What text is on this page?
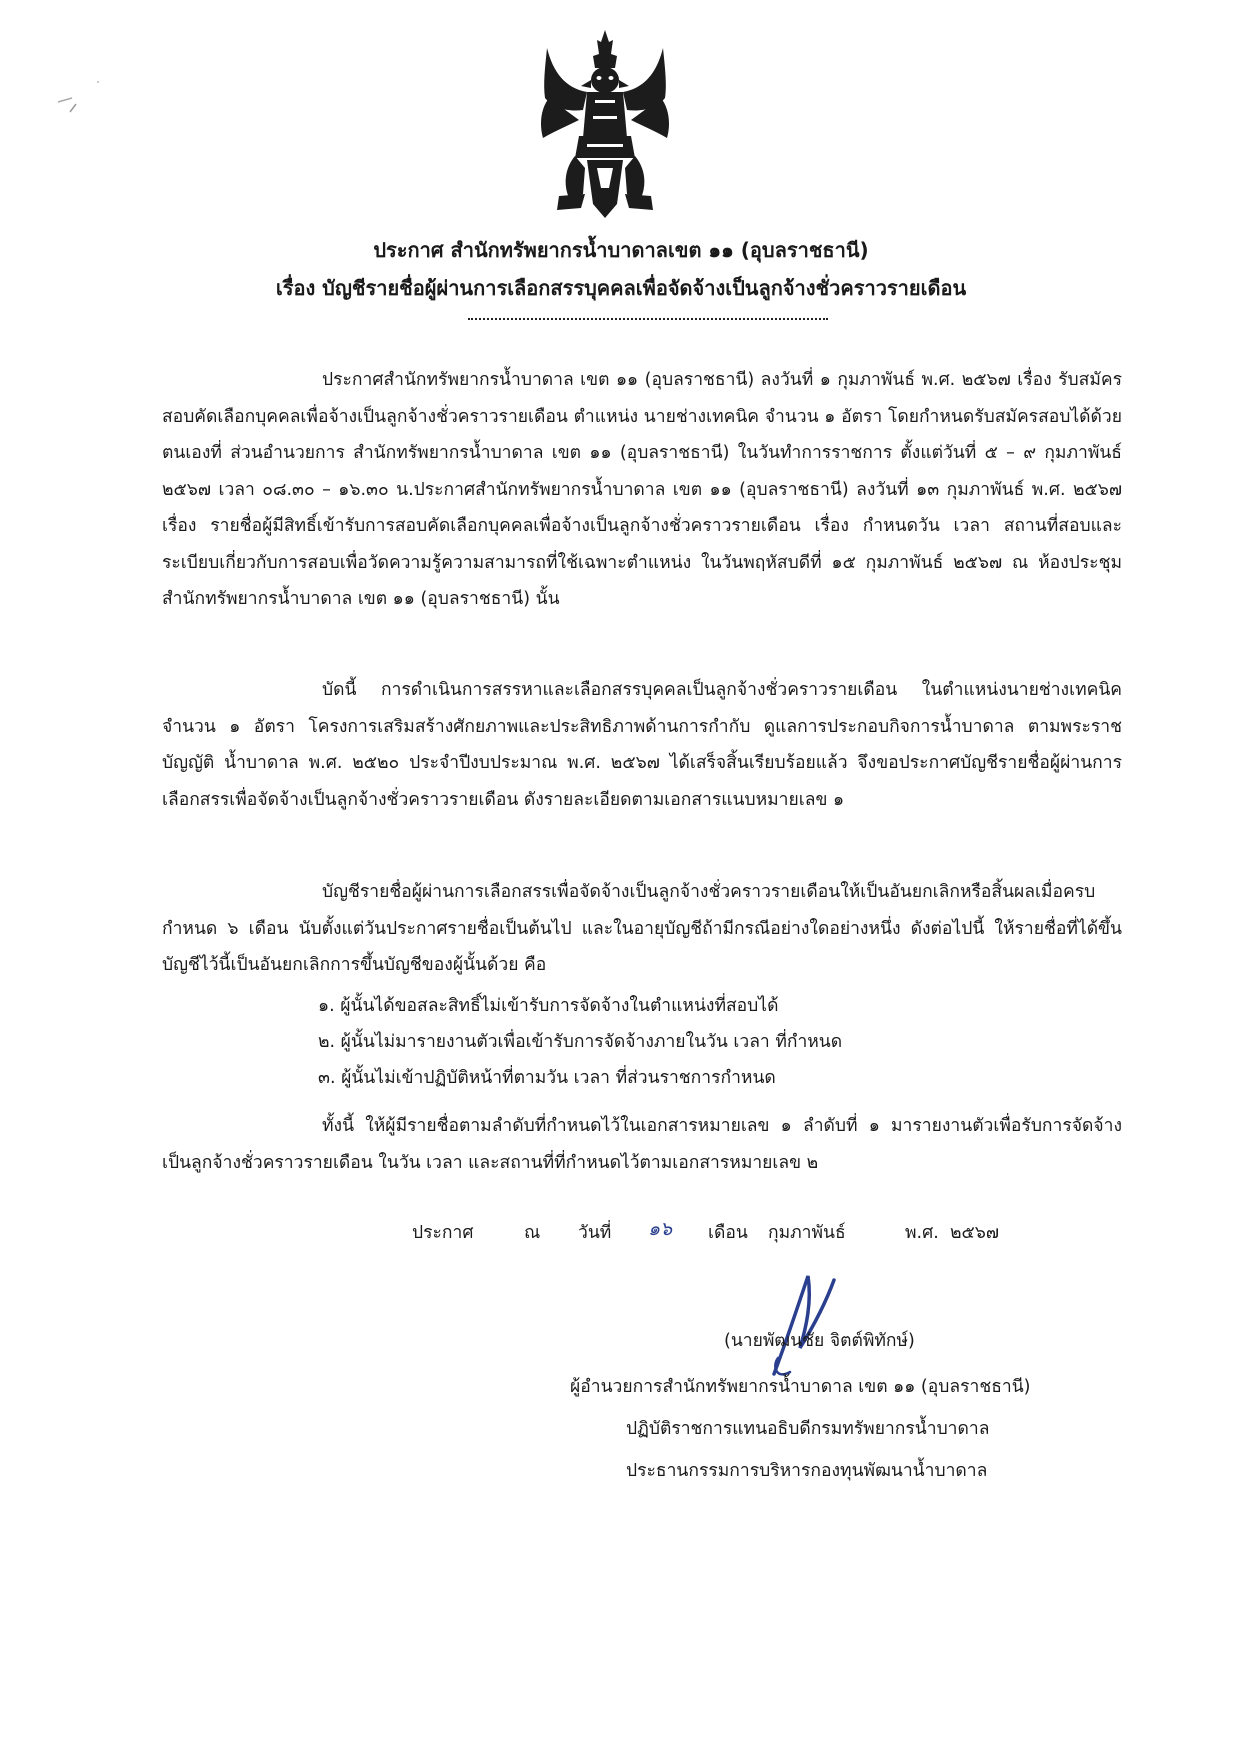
ประกาศ สำนักทรัพยากรน้ำบาดาลเขต ๑๑ (อุบลราชธานี)
เรื่อง บัญชีรายชื่อผู้ผ่านการเลือกสรรบุคคลเพื่อจัดจ้างเป็นลูกจ้างชั่วคราวรายเดือน
ประกาศสำนักทรัพยากรน้ำบาดาล เขต ๑๑ (อุบลราชธานี) ลงวันที่ ๑ กุมภาพันธ์ พ.ศ. ๒๕๖๗ เรื่อง รับสมัครสอบคัดเลือกบุคคลเพื่อจ้างเป็นลูกจ้างชั่วคราวรายเดือน ตำแหน่ง นายช่างเทคนิค จำนวน ๑ อัตรา โดยกำหนดรับสมัครสอบได้ด้วยตนเองที่ ส่วนอำนวยการ สำนักทรัพยากรน้ำบาดาล เขต ๑๑ (อุบลราชธานี) ในวันทำการราชการ ตั้งแต่วันที่ ๕ – ๙ กุมภาพันธ์ ๒๕๖๗ เวลา ๐๘.๓๐ – ๑๖.๓๐ น.ประกาศสำนักทรัพยากรน้ำบาดาล เขต ๑๑ (อุบลราชธานี) ลงวันที่ ๑๓ กุมภาพันธ์ พ.ศ. ๒๕๖๗ เรื่อง รายชื่อผู้มีสิทธิ์เข้ารับการสอบคัดเลือกบุคคลเพื่อจ้างเป็นลูกจ้างชั่วคราวรายเดือน เรื่อง กำหนดวัน เวลา สถานที่สอบและระเบียบเกี่ยวกับการสอบเพื่อวัดความรู้ความสามารถที่ใช้เฉพาะตำแหน่ง ในวันพฤหัสบดีที่ ๑๕ กุมภาพันธ์ ๒๕๖๗ ณ ห้องประชุมสำนักทรัพยากรน้ำบาดาล เขต ๑๑ (อุบลราชธานี) นั้น
บัดนี้ การดำเนินการสรรหาและเลือกสรรบุคคลเป็นลูกจ้างชั่วคราวรายเดือน ในตำแหน่งนายช่างเทคนิค จำนวน ๑ อัตรา โครงการเสริมสร้างศักยภาพและประสิทธิภาพด้านการกำกับ ดูแลการประกอบกิจการน้ำบาดาล ตามพระราชบัญญัติ น้ำบาดาล พ.ศ. ๒๕๒๐ ประจำปีงบประมาณ พ.ศ. ๒๕๖๗ ได้เสร็จสิ้นเรียบร้อยแล้ว จึงขอประกาศบัญชีรายชื่อผู้ผ่านการเลือกสรรเพื่อจัดจ้างเป็นลูกจ้างชั่วคราวรายเดือน ดังรายละเอียดตามเอกสารแนบหมายเลข ๑
บัญชีรายชื่อผู้ผ่านการเลือกสรรเพื่อจัดจ้างเป็นลูกจ้างชั่วคราวรายเดือนให้เป็นอันยกเลิกหรือสิ้นผลเมื่อครบกำหนด ๖ เดือน นับตั้งแต่วันประกาศรายชื่อเป็นต้นไป และในอายุบัญชีถ้ามีกรณีอย่างใดอย่างหนึ่ง ดังต่อไปนี้ ให้รายชื่อที่ได้ขึ้นบัญชีไว้นี้เป็นอันยกเลิกการขึ้นบัญชีของผู้นั้นด้วย คือ
๑. ผู้นั้นได้ขอสละสิทธิ์ไม่เข้ารับการจัดจ้างในตำแหน่งที่สอบได้
๒. ผู้นั้นไม่มารายงานตัวเพื่อเข้ารับการจัดจ้างภายในวัน เวลา ที่กำหนด
๓. ผู้นั้นไม่เข้าปฏิบัติหน้าที่ตามวัน เวลา ที่ส่วนราชการกำหนด
ทั้งนี้ ให้ผู้มีรายชื่อตามลำดับที่กำหนดไว้ในเอกสารหมายเลข ๑ ลำดับที่ ๑ มารายงานตัวเพื่อรับการจัดจ้างเป็นลูกจ้างชั่วคราวรายเดือน ในวัน เวลา และสถานที่ที่กำหนดไว้ตามเอกสารหมายเลข ๒
ประกาศ	ณ วันที่ ๑๖ เดือน กุมภาพันธ์	พ.ศ. ๒๕๖๗
(นายพัฒนชัย จิตต์พิทักษ์)
ผู้อำนวยการสำนักทรัพยากรน้ำบาดาล เขต ๑๑ (อุบลราชธานี)
ปฏิบัติราชการแทนอธิบดีกรมทรัพยากรน้ำบาดาล
ประธานกรรมการบริหารกองทุนพัฒนาน้ำบาดาล
